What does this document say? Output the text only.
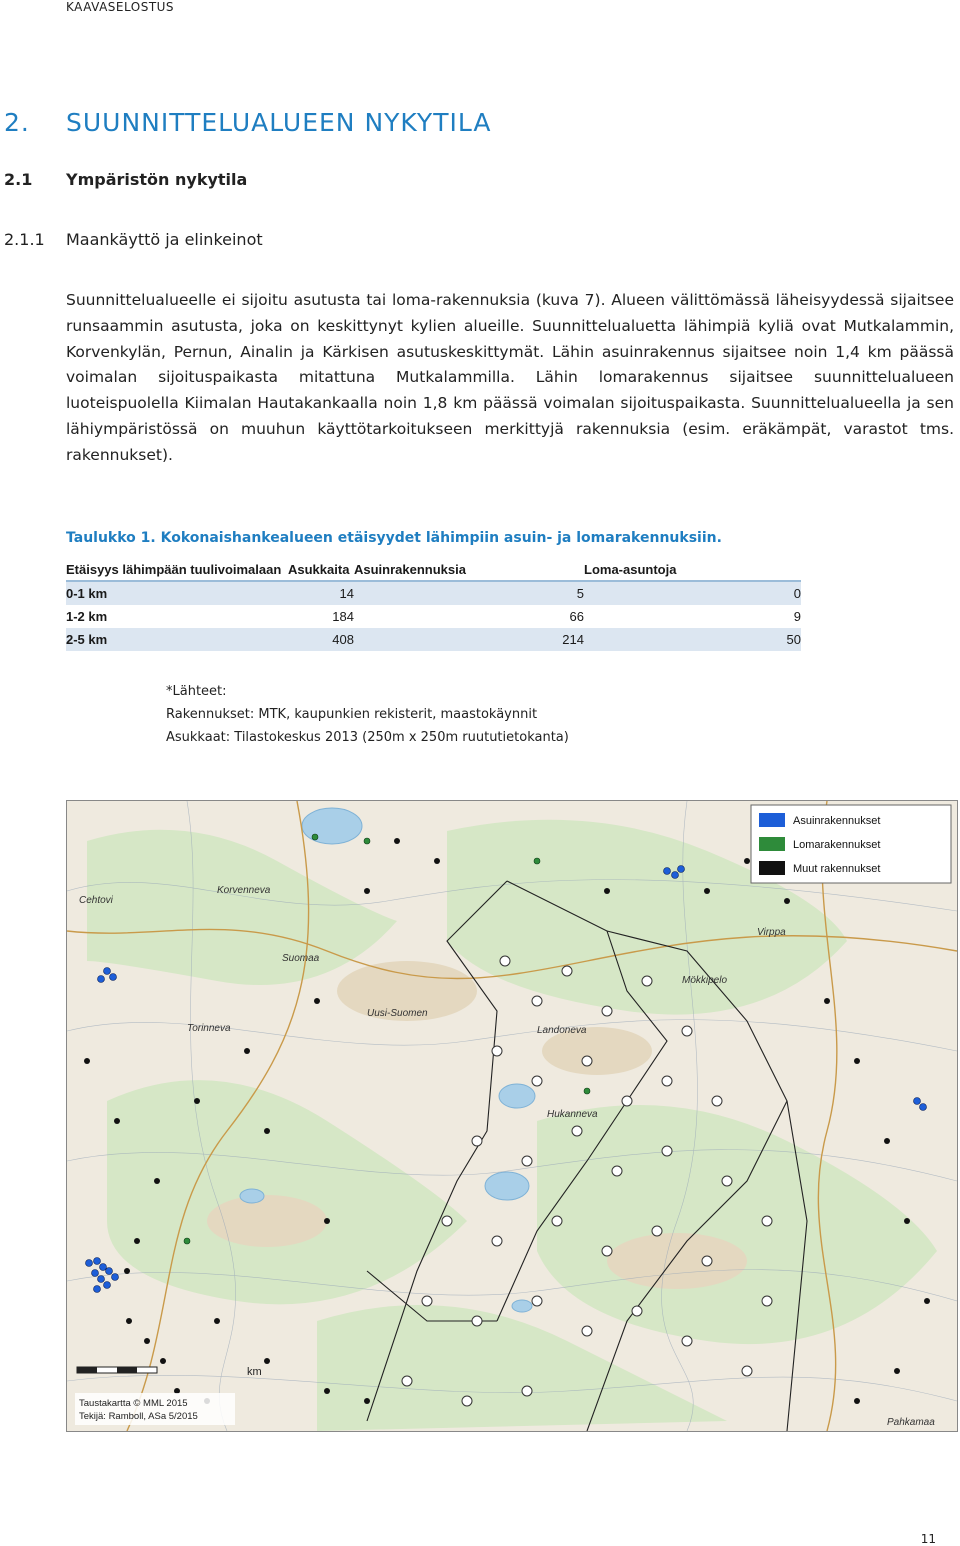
KAAVASELOSTUS
2. SUUNNITTELUALUEEN NYKYTILA
2.1 Ympäristön nykytila
2.1.1 Maankäyttö ja elinkeinot
Suunnittelualueelle ei sijoitu asutusta tai loma-rakennuksia (kuva 7). Alueen välittömässä läheisyydessä sijaitsee runsaammin asutusta, joka on keskittynyt kylien alueille. Suunnittelualuetta lähimpiä kyliä ovat Mutkalammin, Korvenkylän, Pernun, Ainalin ja Kärkisen asutuskeskittymät. Lähin asuinrakennus sijaitsee noin 1,4 km päässä voimalan sijoituspaikasta mitattuna Mutkalammilla. Lähin lomarakennus sijaitsee suunnittelualueen luoteispuolella Kiimalan Hautakankaalla noin 1,8 km päässä voimalan sijoituspaikasta. Suunnittelualueella ja sen lähiympäristössä on muuhun käyttötarkoitukseen merkittyjä rakennuksia (esim. eräkämpät, varastot tms. rakennukset).
Taulukko 1. Kokonaishankealueen etäisyydet lähimpiin asuin- ja lomarakennuksiin.
Etäisyys lähimpään tuulivoimalaan	Asukkaita	Asuinrakennuksia	Loma-asuntoja
0-1 km	14	5	0
1-2 km	184	66	9
2-5 km	408	214	50
*Lähteet:
Rakennukset: MTK, kaupunkien rekisterit, maastokäynnit
Asukkaat: Tilastokeskus 2013 (250m x 250m ruututietokanta)
Korvenneva
Uusi-Suomen
Suomaa
Torinneva	Landoneva
Mökkipelo
Virppa
Hukanneva
Pahkamaa
Cehtovi
Asuinrakennukset
Lomarakennukset
Muut rakennukset
km
Taustakartta © MML 2015
Tekijä: Ramboll, ASa 5/2015
11
